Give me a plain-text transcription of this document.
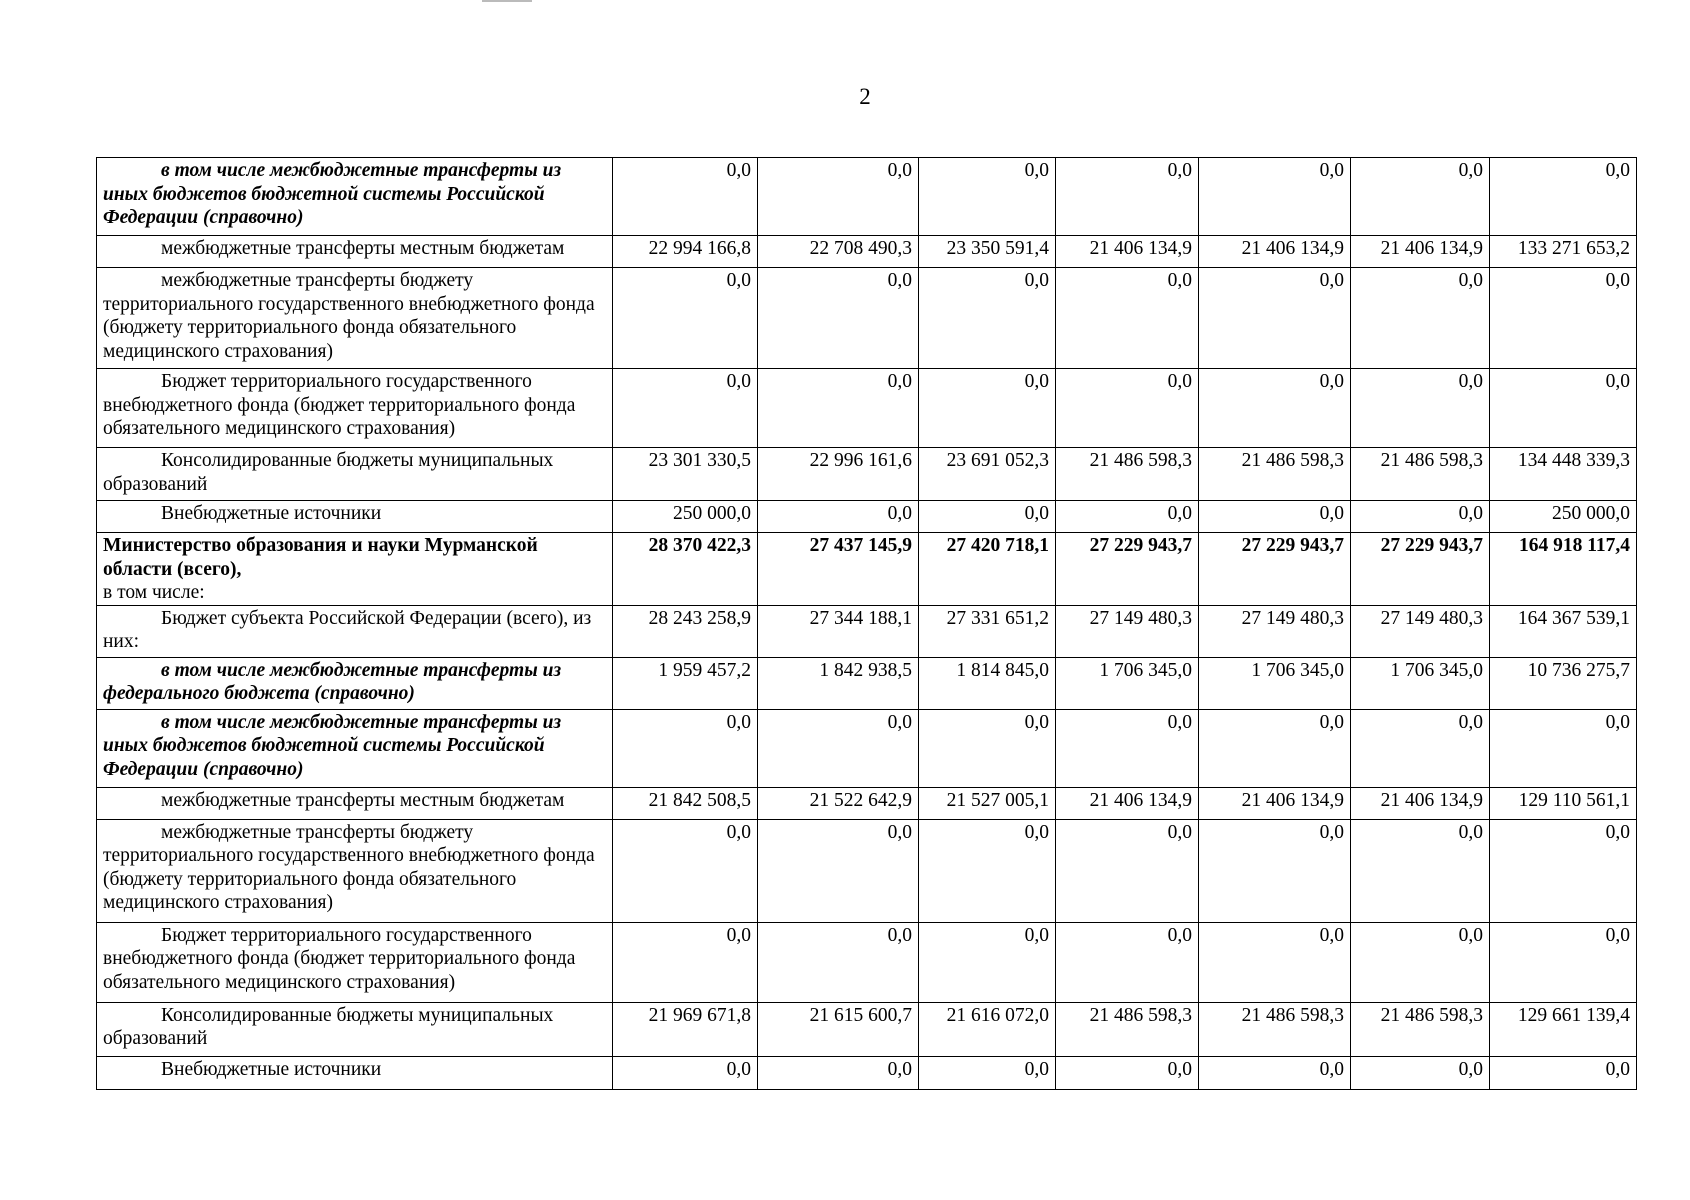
2
в том числе межбюджетные трансферты из иных бюджетов бюджетной системы Российской Федерации (справочно)	0,0	0,0	0,0	0,0	0,0	0,0	0,0
межбюджетные трансферты местным бюджетам	22 994 166,8	22 708 490,3	23 350 591,4	21 406 134,9	21 406 134,9	21 406 134,9	133 271 653,2
межбюджетные трансферты бюджету территориального государственного внебюджетного фонда (бюджету территориального фонда обязательного медицинского страхования)	0,0	0,0	0,0	0,0	0,0	0,0	0,0
Бюджет территориального государственного внебюджетного фонда (бюджет территориального фонда обязательного медицинского страхования)	0,0	0,0	0,0	0,0	0,0	0,0	0,0
Консолидированные бюджеты муниципальных образований	23 301 330,5	22 996 161,6	23 691 052,3	21 486 598,3	21 486 598,3	21 486 598,3	134 448 339,3
Внебюджетные источники	250 000,0	0,0	0,0	0,0	0,0	0,0	250 000,0
Министерство образования и науки Мурманской области (всего),
в том числе:	28 370 422,3	27 437 145,9	27 420 718,1	27 229 943,7	27 229 943,7	27 229 943,7	164 918 117,4
Бюджет субъекта Российской Федерации (всего), из них:	28 243 258,9	27 344 188,1	27 331 651,2	27 149 480,3	27 149 480,3	27 149 480,3	164 367 539,1
в том числе межбюджетные трансферты из федерального бюджета (справочно)	1 959 457,2	1 842 938,5	1 814 845,0	1 706 345,0	1 706 345,0	1 706 345,0	10 736 275,7
в том числе межбюджетные трансферты из иных бюджетов бюджетной системы Российской Федерации (справочно)	0,0	0,0	0,0	0,0	0,0	0,0	0,0
межбюджетные трансферты местным бюджетам	21 842 508,5	21 522 642,9	21 527 005,1	21 406 134,9	21 406 134,9	21 406 134,9	129 110 561,1
межбюджетные трансферты бюджету территориального государственного внебюджетного фонда (бюджету территориального фонда обязательного медицинского страхования)	0,0	0,0	0,0	0,0	0,0	0,0	0,0
Бюджет территориального государственного внебюджетного фонда (бюджет территориального фонда обязательного медицинского страхования)	0,0	0,0	0,0	0,0	0,0	0,0	0,0
Консолидированные бюджеты муниципальных образований	21 969 671,8	21 615 600,7	21 616 072,0	21 486 598,3	21 486 598,3	21 486 598,3	129 661 139,4
Внебюджетные источники	0,0	0,0	0,0	0,0	0,0	0,0	0,0
